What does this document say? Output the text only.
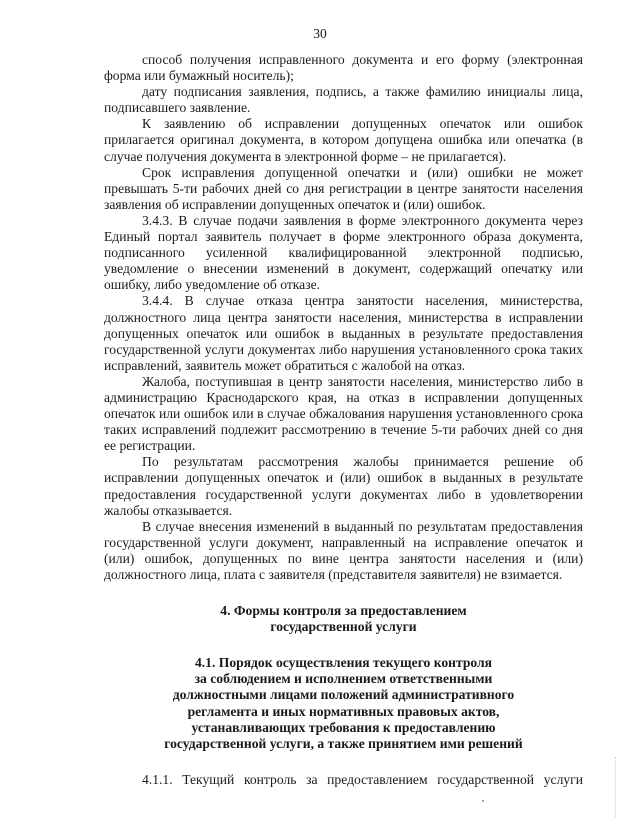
30

способ получения исправленного документа и его форму (электронная форма или бумажный носитель);

дату подписания заявления, подпись, а также фамилию инициалы лица, подписавшего заявление.

К заявлению об исправлении допущенных опечаток или ошибок прилагается оригинал документа, в котором допущена ошибка или опечатка (в случае получения документа в электронной форме – не прилагается).

Срок исправления допущенной опечатки и (или) ошибки не может превышать 5-ти рабочих дней со дня регистрации в центре занятости населения заявления об исправлении допущенных опечаток и (или) ошибок.

3.4.3. В случае подачи заявления в форме электронного документа через Единый портал заявитель получает в форме электронного образа документа, подписанного усиленной квалифицированной электронной подписью, уведомление о внесении изменений в документ, содержащий опечатку или ошибку, либо уведомление об отказе.

3.4.4. В случае отказа центра занятости населения, министерства, должностного лица центра занятости населения, министерства в исправлении допущенных опечаток или ошибок в выданных в результате предоставления государственной услуги документах либо нарушения установленного срока таких исправлений, заявитель может обратиться с жалобой на отказ.

Жалоба, поступившая в центр занятости населения, министерство либо в администрацию Краснодарского края, на отказ в исправлении допущенных опечаток или ошибок или в случае обжалования нарушения установленного срока таких исправлений подлежит рассмотрению в течение 5-ти рабочих дней со дня ее регистрации.

По результатам рассмотрения жалобы принимается решение об исправлении допущенных опечаток и (или) ошибок в выданных в результате предоставления государственной услуги документах либо в удовлетворении жалобы отказывается.

В случае внесения изменений в выданный по результатам предоставления государственной услуги документ, направленный на исправление опечаток и (или) ошибок, допущенных по вине центра занятости населения и (или) должностного лица, плата с заявителя (представителя заявителя) не взимается.

4. Формы контроля за предоставлением
государственной услуги
4.1. Порядок осуществления текущего контроля
за соблюдением и исполнением ответственными
должностными лицами положений административного
регламента и иных нормативных правовых актов,
устанавливающих требования к предоставлению
государственной услуги, а также принятием ими решений

4.1.1. Текущий контроль за предоставлением государственной услуги
